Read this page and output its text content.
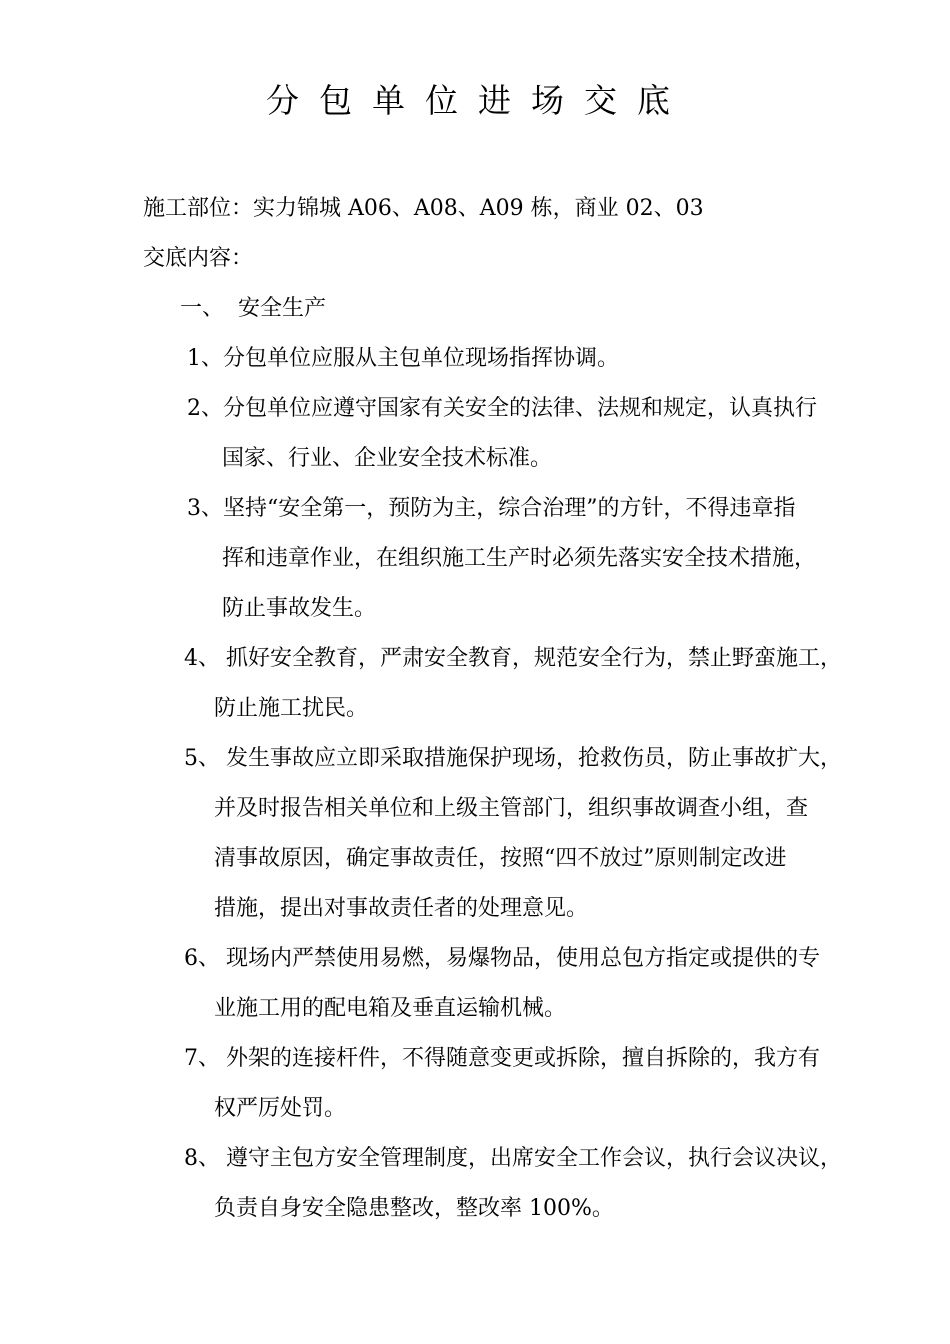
分包单位进场交底
施工部位：实力锦城 A06、A08、A09 栋，商业 02、03
交底内容：
一、 安全生产
1、分包单位应服从主包单位现场指挥协调。
2、分包单位应遵守国家有关安全的法律、法规和规定，认真执行
国家、行业、企业安全技术标准。
3、坚持“安全第一，预防为主，综合治理”的方针，不得违章指
挥和违章作业，在组织施工生产时必须先落实安全技术措施，
防止事故发生。
4、 抓好安全教育，严肃安全教育，规范安全行为，禁止野蛮施工，
防止施工扰民。
5、 发生事故应立即采取措施保护现场，抢救伤员，防止事故扩大，
并及时报告相关单位和上级主管部门，组织事故调查小组，查
清事故原因，确定事故责任，按照“四不放过”原则制定改进
措施，提出对事故责任者的处理意见。
6、 现场内严禁使用易燃，易爆物品，使用总包方指定或提供的专
业施工用的配电箱及垂直运输机械。
7、 外架的连接杆件，不得随意变更或拆除，擅自拆除的，我方有
权严厉处罚。
8、 遵守主包方安全管理制度，出席安全工作会议，执行会议决议，
负责自身安全隐患整改，整改率 100%。
